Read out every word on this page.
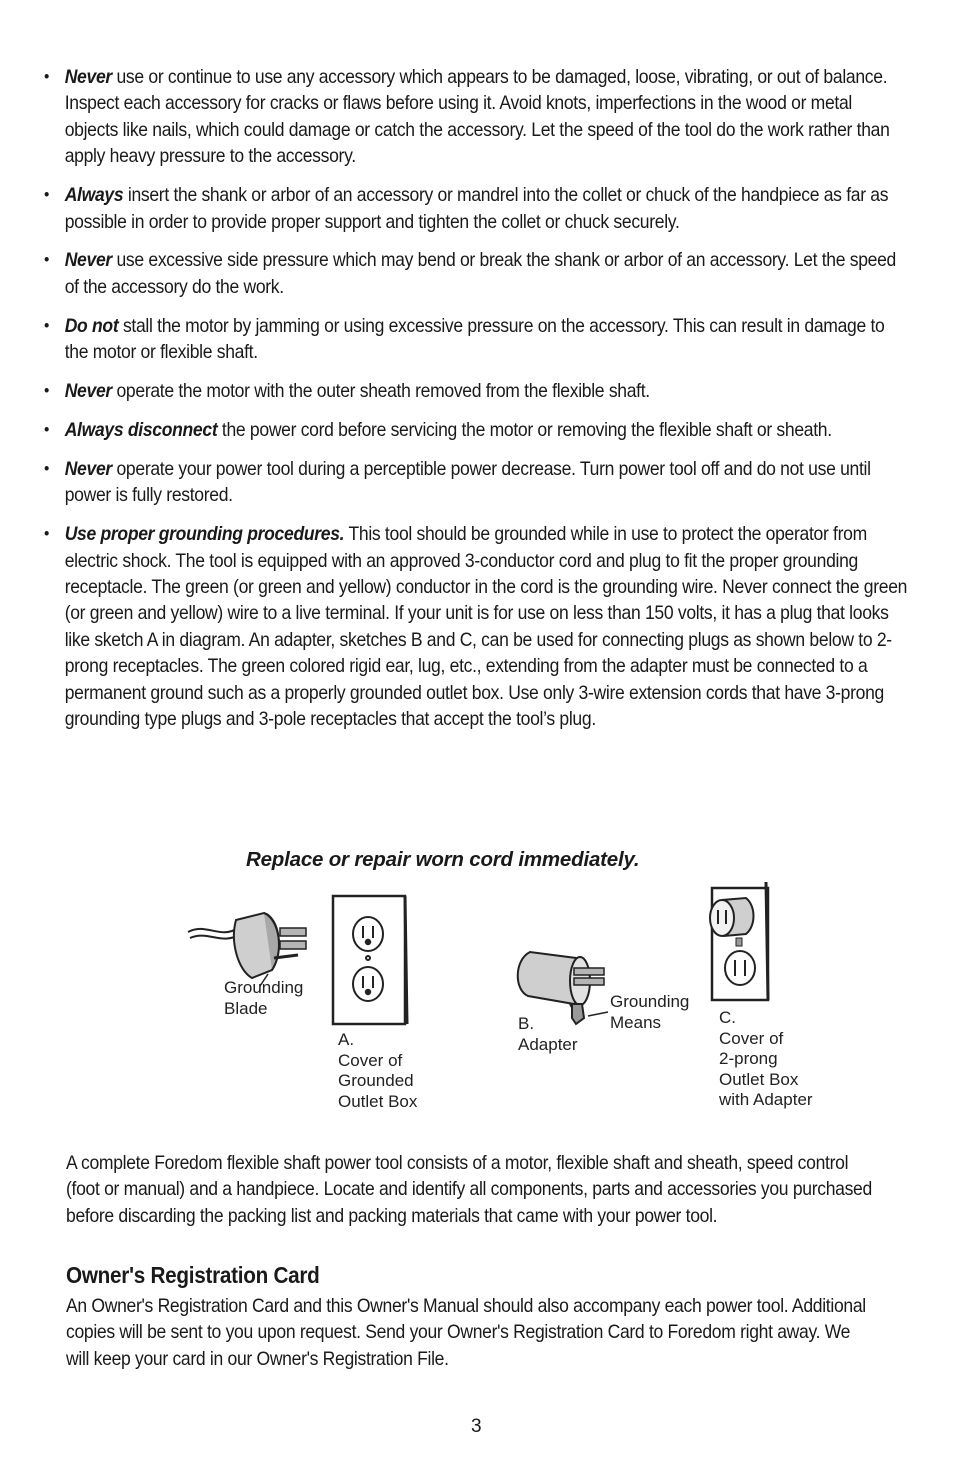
• Never use or continue to use any accessory which appears to be damaged, loose, vibrating, or out of balance. Inspect each accessory for cracks or flaws before using it. Avoid knots, imperfections in the wood or metal objects like nails, which could damage or catch the accessory. Let the speed of the tool do the work rather than apply heavy pressure to the accessory.
• Always insert the shank or arbor of an accessory or mandrel into the collet or chuck of the handpiece as far as possible in order to provide proper support and tighten the collet or chuck securely.
• Never use excessive side pressure which may bend or break the shank or arbor of an accessory. Let the speed of the accessory do the work.
• Do not stall the motor by jamming or using excessive pressure on the accessory. This can result in damage to the motor or flexible shaft.
• Never operate the motor with the outer sheath removed from the flexible shaft.
• Always disconnect the power cord before servicing the motor or removing the flexible shaft or sheath.
• Never operate your power tool during a perceptible power decrease. Turn power tool off and do not use until power is fully restored.
• Use proper grounding procedures. This tool should be grounded while in use to protect the operator from electric shock. The tool is equipped with an approved 3-conductor cord and plug to fit the proper grounding receptacle. The green (or green and yellow) conductor in the cord is the grounding wire. Never connect the green (or green and yellow) wire to a live terminal. If your unit is for use on less than 150 volts, it has a plug that looks like sketch A in diagram. An adapter, sketches B and C, can be used for connecting plugs as shown below to 2-prong receptacles. The green colored rigid ear, lug, etc., extending from the adapter must be connected to a permanent ground such as a properly grounded outlet box. Use only 3-wire extension cords that have 3-prong grounding type plugs and 3-pole receptacles that accept the tool’s plug.
Replace or repair worn cord immediately.
Grounding
Blade
A.
Cover of
Grounded
Outlet Box
B.
Adapter
Grounding
Means	C.
Cover of
2-prong
Outlet Box
with Adapter
A complete Foredom flexible shaft power tool consists of a motor, flexible shaft and sheath, speed control (foot or manual) and a handpiece. Locate and identify all components, parts and accessories you purchased before discarding the packing list and packing materials that came with your power tool.
Owner's Registration Card
An Owner's Registration Card and this Owner's Manual should also accompany each power tool. Additional copies will be sent to you upon request. Send your Owner's Registration Card to Foredom right away. We will keep your card in our Owner's Registration File.
3
